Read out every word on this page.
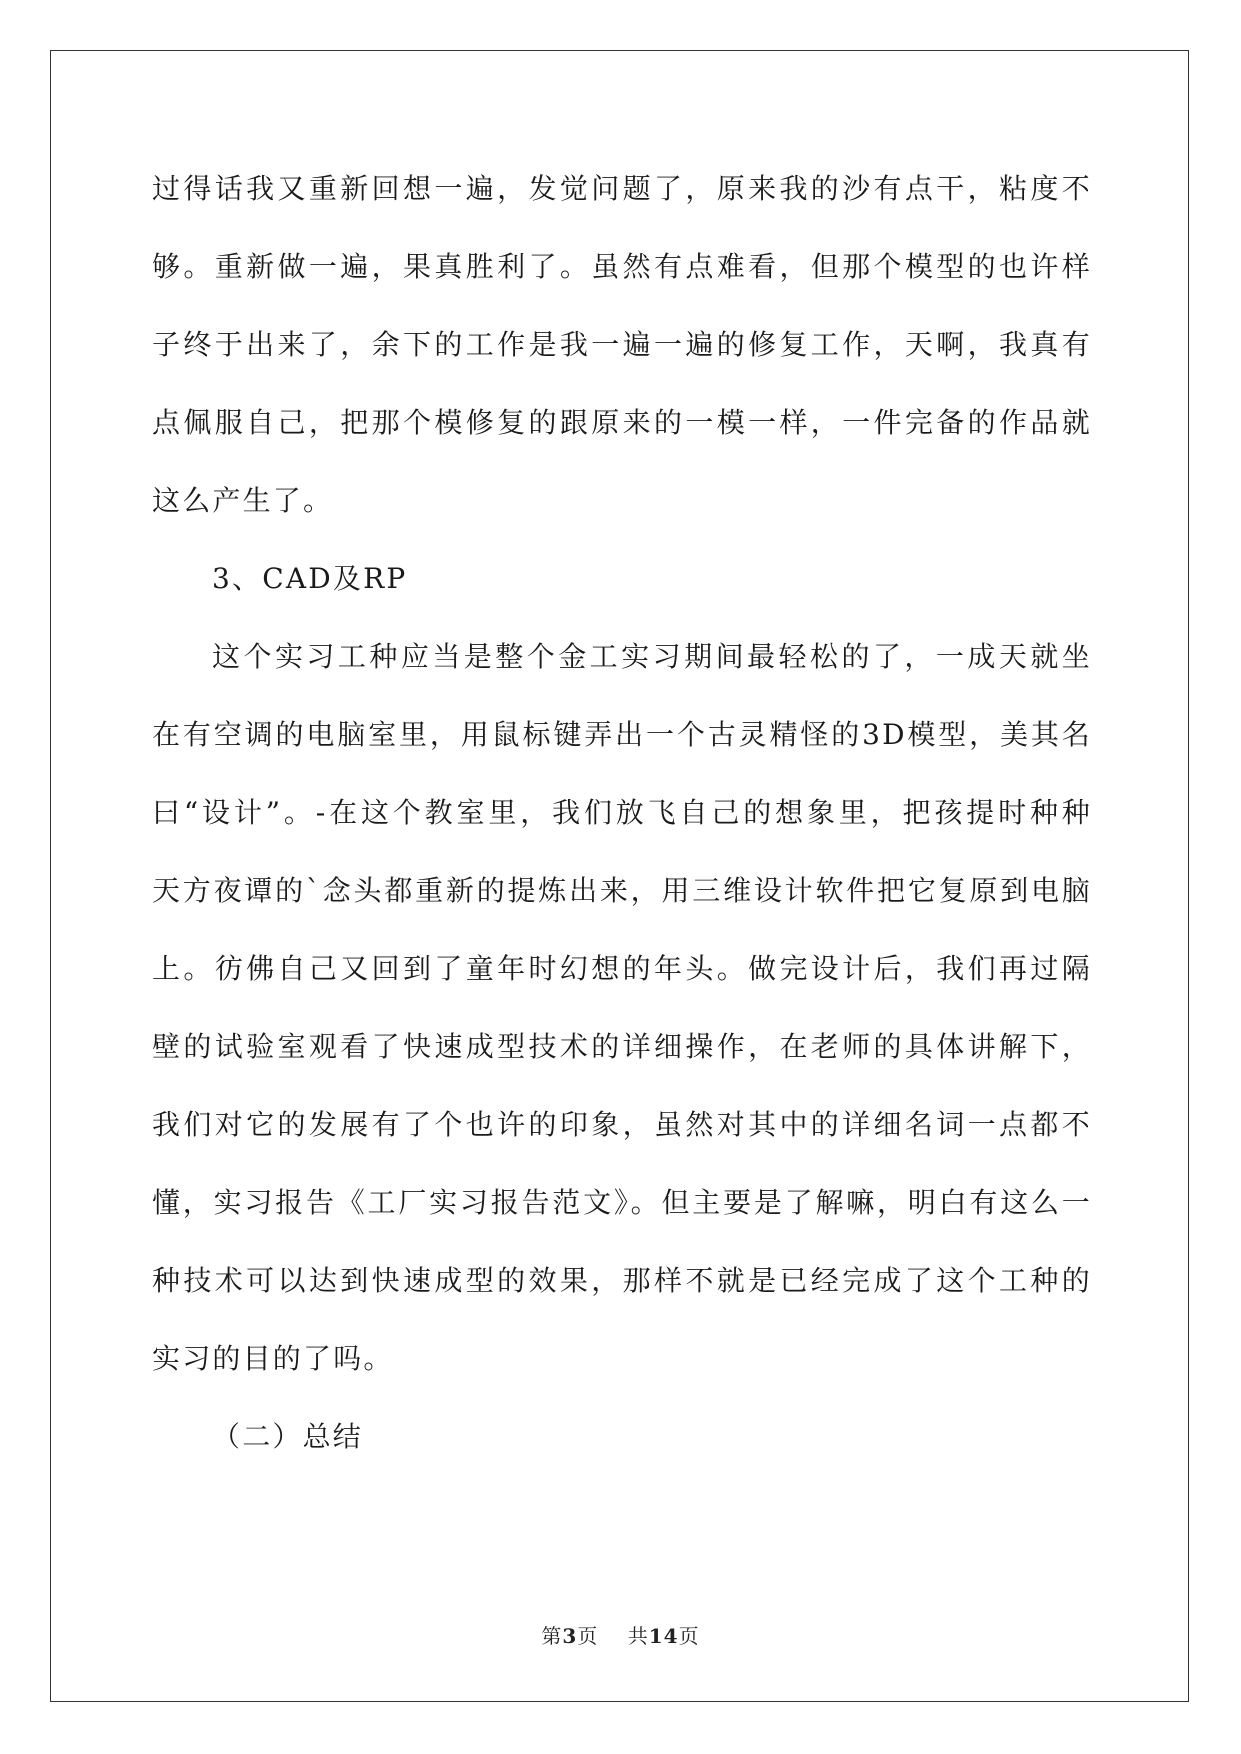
过得话我又重新回想一遍，发觉问题了，原来我的沙有点干，粘度不
够。重新做一遍，果真胜利了。虽然有点难看，但那个模型的也许样
子终于出来了，余下的工作是我一遍一遍的修复工作，天啊，我真有
点佩服自己，把那个模修复的跟原来的一模一样，一件完备的作品就
这么产生了。
3、CAD及RP
这个实习工种应当是整个金工实习期间最轻松的了，一成天就坐
在有空调的电脑室里，用鼠标键弄出一个古灵精怪的3D模型，美其名
曰“设计”。-在这个教室里，我们放飞自己的想象里，把孩提时种种
天方夜谭的`念头都重新的提炼出来，用三维设计软件把它复原到电脑
上。彷佛自己又回到了童年时幻想的年头。做完设计后，我们再过隔
壁的试验室观看了快速成型技术的详细操作，在老师的具体讲解下，
我们对它的发展有了个也许的印象，虽然对其中的详细名词一点都不
懂，实习报告《工厂实习报告范文》。但主要是了解嘛，明白有这么一
种技术可以达到快速成型的效果，那样不就是已经完成了这个工种的
实习的目的了吗。
（二）总结
第3页 共14页
